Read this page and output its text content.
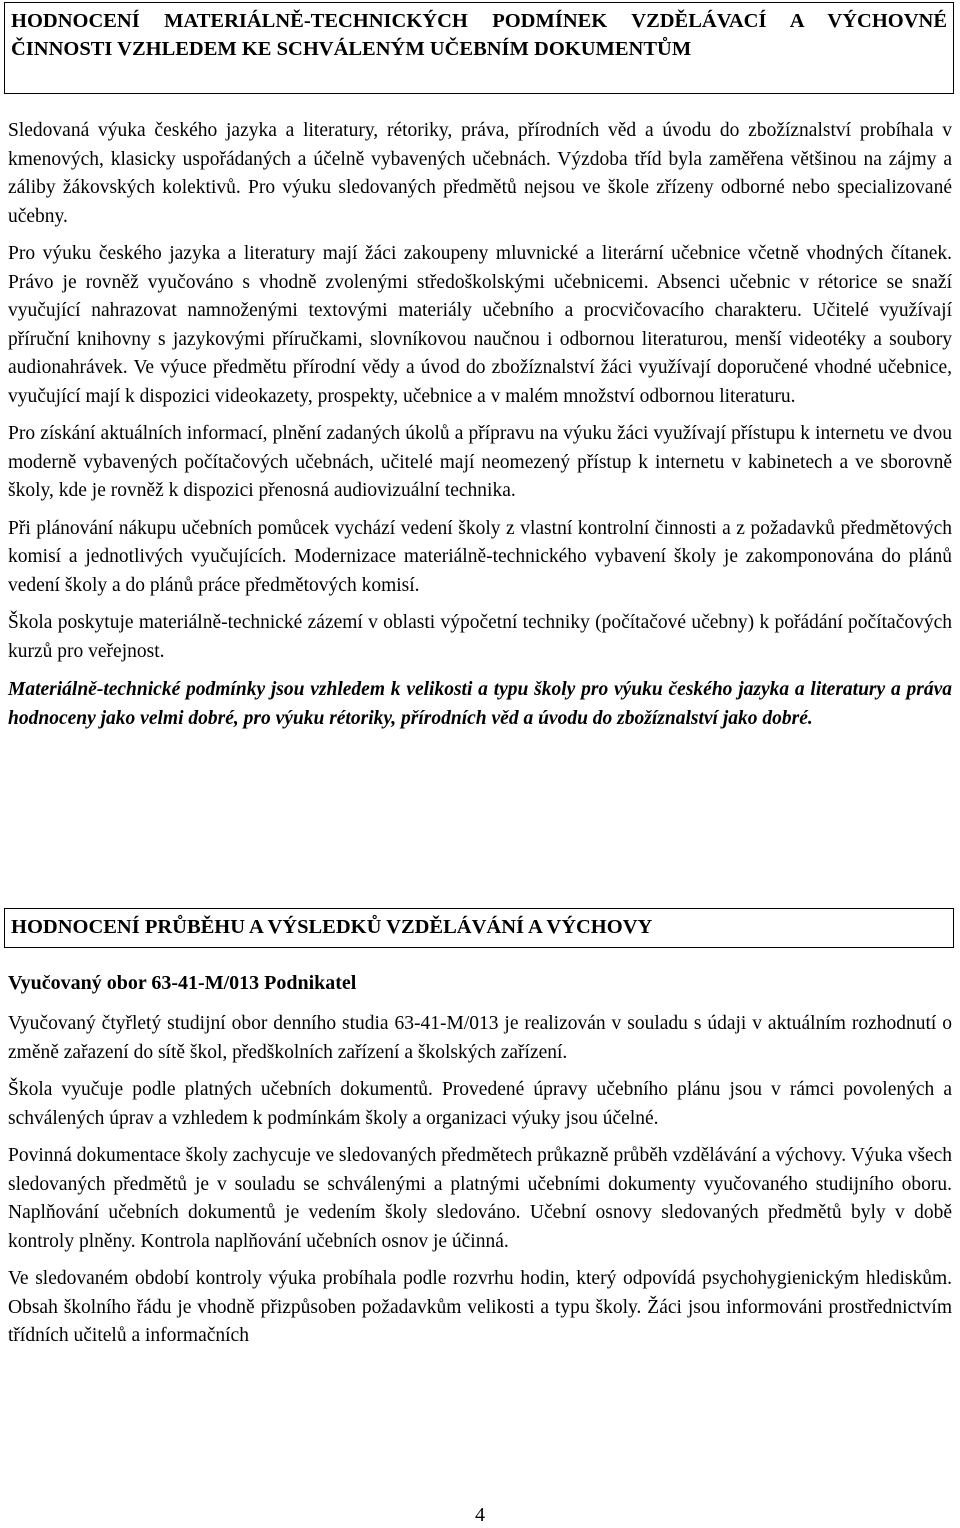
HODNOCENÍ MATERIÁLNĚ-TECHNICKÝCH PODMÍNEK VZDĚLÁVACÍ A VÝCHOVNÉ ČINNOSTI VZHLEDEM KE SCHVÁLENÝM UČEBNÍM DOKUMENTŮM

Sledovaná výuka českého jazyka a literatury, rétoriky, práva, přírodních věd a úvodu do zbožíznalství probíhala v kmenových, klasicky uspořádaných a účelně vybavených učebnách. Výzdoba tříd byla zaměřena většinou na zájmy a záliby žákovských kolektivů. Pro výuku sledovaných předmětů nejsou ve škole zřízeny odborné nebo specializované učebny.

Pro výuku českého jazyka a literatury mají žáci zakoupeny mluvnické a literární učebnice včetně vhodných čítanek. Právo je rovněž vyučováno s vhodně zvolenými středoškolskými učebnicemi. Absenci učebnic v rétorice se snaží vyučující nahrazovat namnoženými textovými materiály učebního a procvičovacího charakteru. Učitelé využívají příruční knihovny s jazykovými příručkami, slovníkovou naučnou i odbornou literaturou, menší videotéky a soubory audionahrávek. Ve výuce předmětu přírodní vědy a úvod do zbožíznalství žáci využívají doporučené vhodné učebnice, vyučující mají k dispozici videokazety, prospekty, učebnice a v malém množství odbornou literaturu.

Pro získání aktuálních informací, plnění zadaných úkolů a přípravu na výuku žáci využívají přístupu k internetu ve dvou moderně vybavených počítačových učebnách, učitelé mají neomezený přístup k internetu v kabinetech a ve sborovně školy, kde je rovněž k dispozici přenosná audiovizuální technika.

Při plánování nákupu učebních pomůcek vychází vedení školy z vlastní kontrolní činnosti a z požadavků předmětových komisí a jednotlivých vyučujících. Modernizace materiálně-technického vybavení školy je zakomponována do plánů vedení školy a do plánů práce předmětových komisí.

Škola poskytuje materiálně-technické zázemí v oblasti výpočetní techniky (počítačové učebny) k pořádání počítačových kurzů pro veřejnost.

Materiálně-technické podmínky jsou vzhledem k velikosti a typu školy pro výuku českého jazyka a literatury a práva hodnoceny jako velmi dobré, pro výuku rétoriky, přírodních věd a úvodu do zbožíznalství jako dobré.

HODNOCENÍ PRŮBĚHU A VÝSLEDKŮ VZDĚLÁVÁNÍ A VÝCHOVY

Vyučovaný obor 63-41-M/013 Podnikatel

Vyučovaný čtyřletý studijní obor denního studia 63-41-M/013 je realizován v souladu s údaji v aktuálním rozhodnutí o změně zařazení do sítě škol, předškolních zařízení a školských zařízení.

Škola vyučuje podle platných učebních dokumentů. Provedené úpravy učebního plánu jsou v rámci povolených a schválených úprav a vzhledem k podmínkám školy a organizaci výuky jsou účelné.

Povinná dokumentace školy zachycuje ve sledovaných předmětech průkazně průběh vzdělávání a výchovy. Výuka všech sledovaných předmětů je v souladu se schválenými a platnými učebními dokumenty vyučovaného studijního oboru. Naplňování učebních dokumentů je vedením školy sledováno. Učební osnovy sledovaných předmětů byly v době kontroly plněny. Kontrola naplňování učebních osnov je účinná.

Ve sledovaném období kontroly výuka probíhala podle rozvrhu hodin, který odpovídá psychohygienickým hlediskům. Obsah školního řádu je vhodně přizpůsoben požadavkům velikosti a typu školy. Žáci jsou informováni prostřednictvím třídních učitelů a informačních

4
